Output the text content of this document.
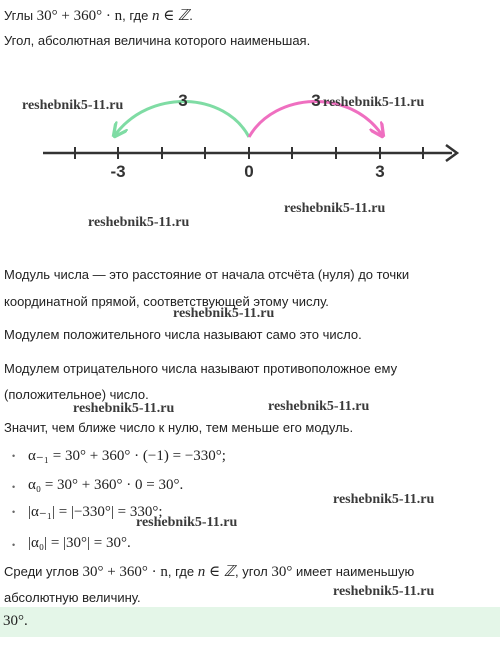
Углы 30° + 360° · n, где n ∈ ℤ.
Угол, абсолютная величина которого наименьшая.
3	3
-3	0	3
reshebnik5-11.ru	reshebnik5-11.ru
reshebnik5-11.ru
reshebnik5-11.ru
Модуль числа — это расстояние от начала отсчёта (нуля) до точки
координатной прямой, соответствующей этому числу.
reshebnik5-11.ru
Модулем положительного числа называют само это число.
Модулем отрицательного числа называют противоположное ему
(положительное) число.
reshebnik5-11.ru	reshebnik5-11.ru
Значит, чем ближе число к нулю, тем меньше его модуль.
• α₋₁ = 30° + 360° · (−1) = −330°;
• α₀ = 30° + 360° · 0 = 30°.
reshebnik5-11.ru
• |α₋₁| = |−330°| = 330°;
reshebnik5-11.ru
• |α₀| = |30°| = 30°.
Среди углов 30° + 360° · n, где n ∈ ℤ, угол 30° имеет наименьшую
абсолютную величину.	reshebnik5-11.ru
30°.
